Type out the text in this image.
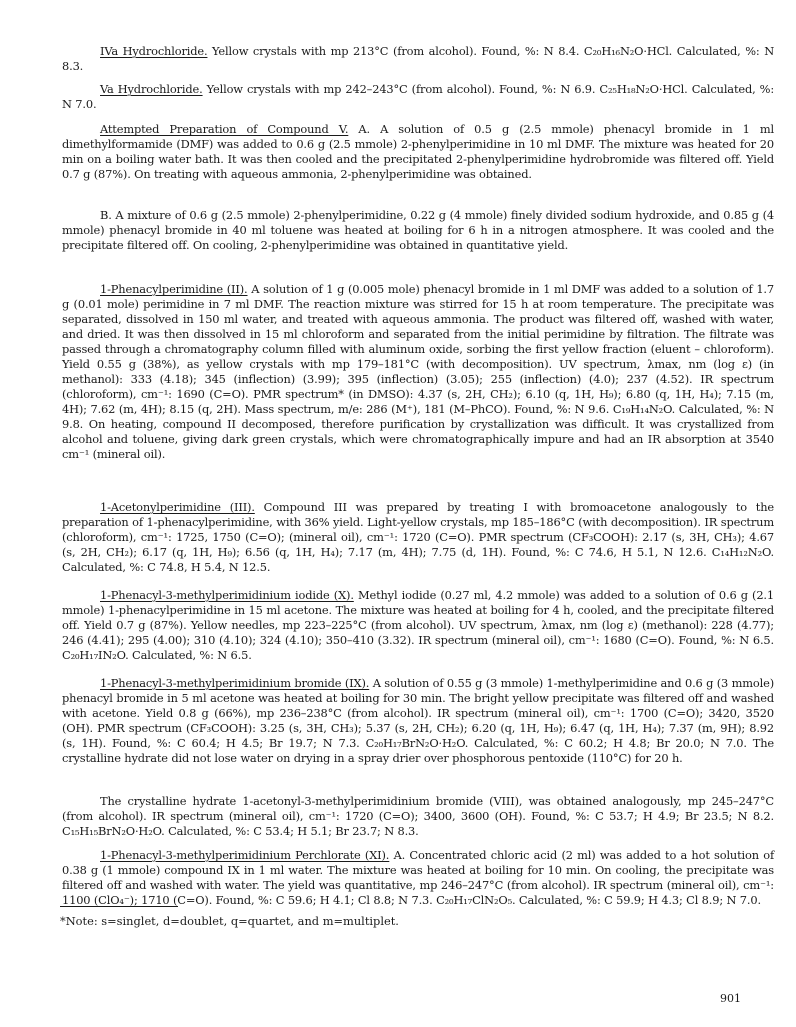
IVa Hydrochloride. Yellow crystals with mp 213°C (from alcohol). Found, %: N 8.4. C₂₀H₁₆N₂O·HCl. Calculated, %: N 8.3.

Va Hydrochloride. Yellow crystals with mp 242–243°C (from alcohol). Found, %: N 6.9. C₂₅H₁₈N₂O·HCl. Calculated, %: N 7.0.

Attempted Preparation of Compound V. A. A solution of 0.5 g (2.5 mmole) phenacyl bromide in 1 ml dimethylformamide (DMF) was added to 0.6 g (2.5 mmole) 2-phenylperimidine in 10 ml DMF. The mixture was heated for 20 min on a boiling water bath. It was then cooled and the precipitated 2-phenylperimidine hydrobromide was filtered off. Yield 0.7 g (87%). On treating with aqueous ammonia, 2-phenylperimidine was obtained.

B. A mixture of 0.6 g (2.5 mmole) 2-phenylperimidine, 0.22 g (4 mmole) finely divided sodium hydroxide, and 0.85 g (4 mmole) phenacyl bromide in 40 ml toluene was heated at boiling for 6 h in a nitrogen atmosphere. It was cooled and the precipitate filtered off. On cooling, 2-phenylperimidine was obtained in quantitative yield.

1-Phenacylperimidine (II). A solution of 1 g (0.005 mole) phenacyl bromide in 1 ml DMF was added to a solution of 1.7 g (0.01 mole) perimidine in 7 ml DMF. The reaction mixture was stirred for 15 h at room temperature. The precipitate was separated, dissolved in 150 ml water, and treated with aqueous ammonia. The product was filtered off, washed with water, and dried. It was then dissolved in 15 ml chloroform and separated from the initial perimidine by filtration. The filtrate was passed through a chromatography column filled with aluminum oxide, sorbing the first yellow fraction (eluent – chloroform). Yield 0.55 g (38%), as yellow crystals with mp 179–181°C (with decomposition). UV spectrum, λmax, nm (log ε) (in methanol): 333 (4.18); 345 (inflection) (3.99); 395 (inflection) (3.05); 255 (inflection) (4.0); 237 (4.52). IR spectrum (chloroform), cm⁻¹: 1690 (C=O). PMR spectrum* (in DMSO): 4.37 (s, 2H, CH₂); 6.10 (q, 1H, H₉); 6.80 (q, 1H, H₄); 7.15 (m, 4H); 7.62 (m, 4H); 8.15 (q, 2H). Mass spectrum, m/e: 286 (M⁺), 181 (M–PhCO). Found, %: N 9.6. C₁₉H₁₄N₂O. Calculated, %: N 9.8. On heating, compound II decomposed, therefore purification by crystallization was difficult. It was crystallized from alcohol and toluene, giving dark green crystals, which were chromatographically impure and had an IR absorption at 3540 cm⁻¹ (mineral oil).

1-Acetonylperimidine (III). Compound III was prepared by treating I with bromoacetone analogously to the preparation of 1-phenacylperimidine, with 36% yield. Light-yellow crystals, mp 185–186°C (with decomposition). IR spectrum (chloroform), cm⁻¹: 1725, 1750 (C=O); (mineral oil), cm⁻¹: 1720 (C=O). PMR spectrum (CF₃COOH): 2.17 (s, 3H, CH₃); 4.67 (s, 2H, CH₂); 6.17 (q, 1H, H₉); 6.56 (q, 1H, H₄); 7.17 (m, 4H); 7.75 (d, 1H). Found, %: C 74.6, H 5.1, N 12.6. C₁₄H₁₂N₂O. Calculated, %: C 74.8, H 5.4, N 12.5.

1-Phenacyl-3-methylperimidinium iodide (X). Methyl iodide (0.27 ml, 4.2 mmole) was added to a solution of 0.6 g (2.1 mmole) 1-phenacylperimidine in 15 ml acetone. The mixture was heated at boiling for 4 h, cooled, and the precipitate filtered off. Yield 0.7 g (87%). Yellow needles, mp 223–225°C (from alcohol). UV spectrum, λmax, nm (log ε) (methanol): 228 (4.77); 246 (4.41); 295 (4.00); 310 (4.10); 324 (4.10); 350–410 (3.32). IR spectrum (mineral oil), cm⁻¹: 1680 (C=O). Found, %: N 6.5. C₂₀H₁₇IN₂O. Calculated, %: N 6.5.

1-Phenacyl-3-methylperimidinium bromide (IX). A solution of 0.55 g (3 mmole) 1-methylperimidine and 0.6 g (3 mmole) phenacyl bromide in 5 ml acetone was heated at boiling for 30 min. The bright yellow precipitate was filtered off and washed with acetone. Yield 0.8 g (66%), mp 236–238°C (from alcohol). IR spectrum (mineral oil), cm⁻¹: 1700 (C=O); 3420, 3520 (OH). PMR spectrum (CF₃COOH): 3.25 (s, 3H, CH₃); 5.37 (s, 2H, CH₂); 6.20 (q, 1H, H₉); 6.47 (q, 1H, H₄); 7.37 (m, 9H); 8.92 (s, 1H). Found, %: C 60.4; H 4.5; Br 19.7; N 7.3. C₂₀H₁₇BrN₂O·H₂O. Calculated, %: C 60.2; H 4.8; Br 20.0; N 7.0. The crystalline hydrate did not lose water on drying in a spray drier over phosphorous pentoxide (110°C) for 20 h.

The crystalline hydrate 1-acetonyl-3-methylperimidinium bromide (VIII), was obtained analogously, mp 245–247°C (from alcohol). IR spectrum (mineral oil), cm⁻¹: 1720 (C=O); 3400, 3600 (OH). Found, %: C 53.7; H 4.9; Br 23.5; N 8.2. C₁₅H₁₅BrN₂O·H₂O. Calculated, %: C 53.4; H 5.1; Br 23.7; N 8.3.

1-Phenacyl-3-methylperimidinium Perchlorate (XI). A. Concentrated chloric acid (2 ml) was added to a hot solution of 0.38 g (1 mmole) compound IX in 1 ml water. The mixture was heated at boiling for 10 min. On cooling, the precipitate was filtered off and washed with water. The yield was quantitative, mp 246–247°C (from alcohol). IR spectrum (mineral oil), cm⁻¹: 1100 (ClO₄⁻); 1710 (C=O). Found, %: C 59.6; H 4.1; Cl 8.8; N 7.3. C₂₀H₁₇ClN₂O₅. Calculated, %: C 59.9; H 4.3; Cl 8.9; N 7.0.

*Note: s=singlet, d=doublet, q=quartet, and m=multiplet.
901
